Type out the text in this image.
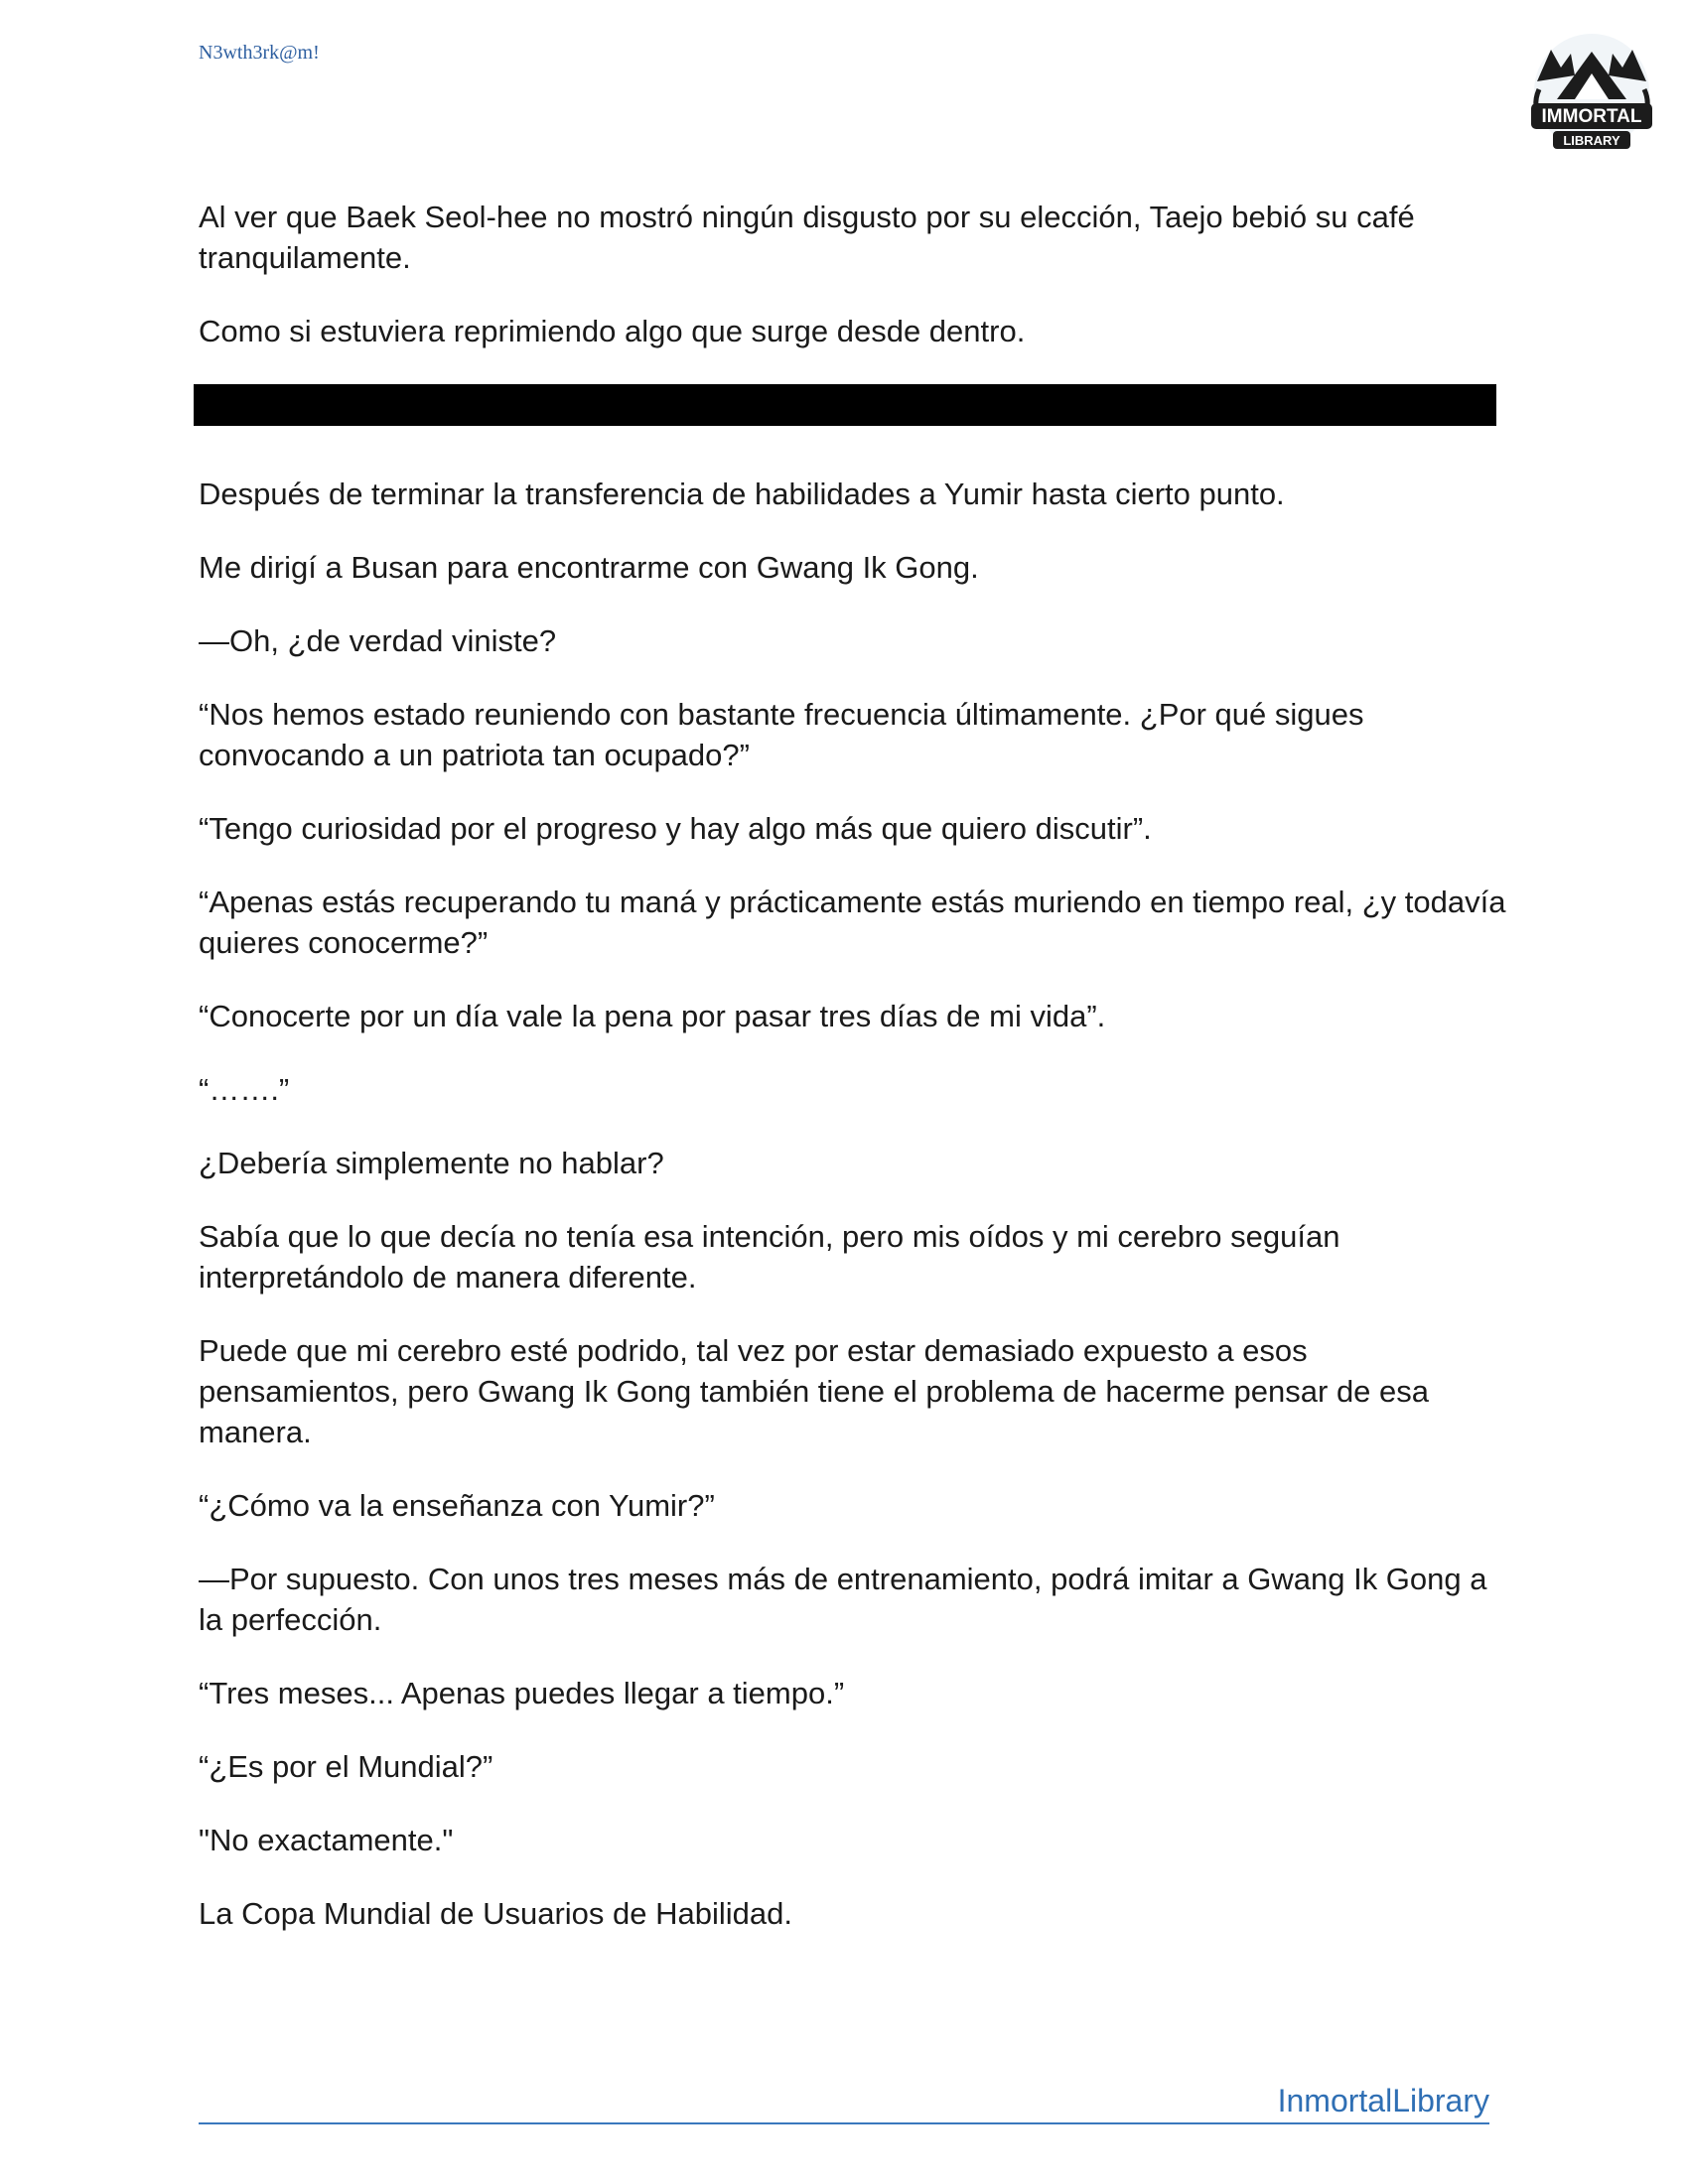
N3wth3rk@m!
IMMORTAL
LIBRARY

Al ver que Baek Seol-hee no mostró ningún disgusto por su elección, Taejo bebió su café tranquilamente.

Como si estuviera reprimiendo algo que surge desde dentro.

Después de terminar la transferencia de habilidades a Yumir hasta cierto punto.

Me dirigí a Busan para encontrarme con Gwang Ik Gong.

—Oh, ¿de verdad viniste?

“Nos hemos estado reuniendo con bastante frecuencia últimamente. ¿Por qué sigues convocando a un patriota tan ocupado?”

“Tengo curiosidad por el progreso y hay algo más que quiero discutir”.

“Apenas estás recuperando tu maná y prácticamente estás muriendo en tiempo real, ¿y todavía quieres conocerme?”

“Conocerte por un día vale la pena por pasar tres días de mi vida”.

“…….”

¿Debería simplemente no hablar?

Sabía que lo que decía no tenía esa intención, pero mis oídos y mi cerebro seguían interpretándolo de manera diferente.

Puede que mi cerebro esté podrido, tal vez por estar demasiado expuesto a esos pensamientos, pero Gwang Ik Gong también tiene el problema de hacerme pensar de esa manera.

“¿Cómo va la enseñanza con Yumir?”

—Por supuesto. Con unos tres meses más de entrenamiento, podrá imitar a Gwang Ik Gong a la perfección.

“Tres meses... Apenas puedes llegar a tiempo.”

“¿Es por el Mundial?”

"No exactamente."

La Copa Mundial de Usuarios de Habilidad.

InmortalLibrary
